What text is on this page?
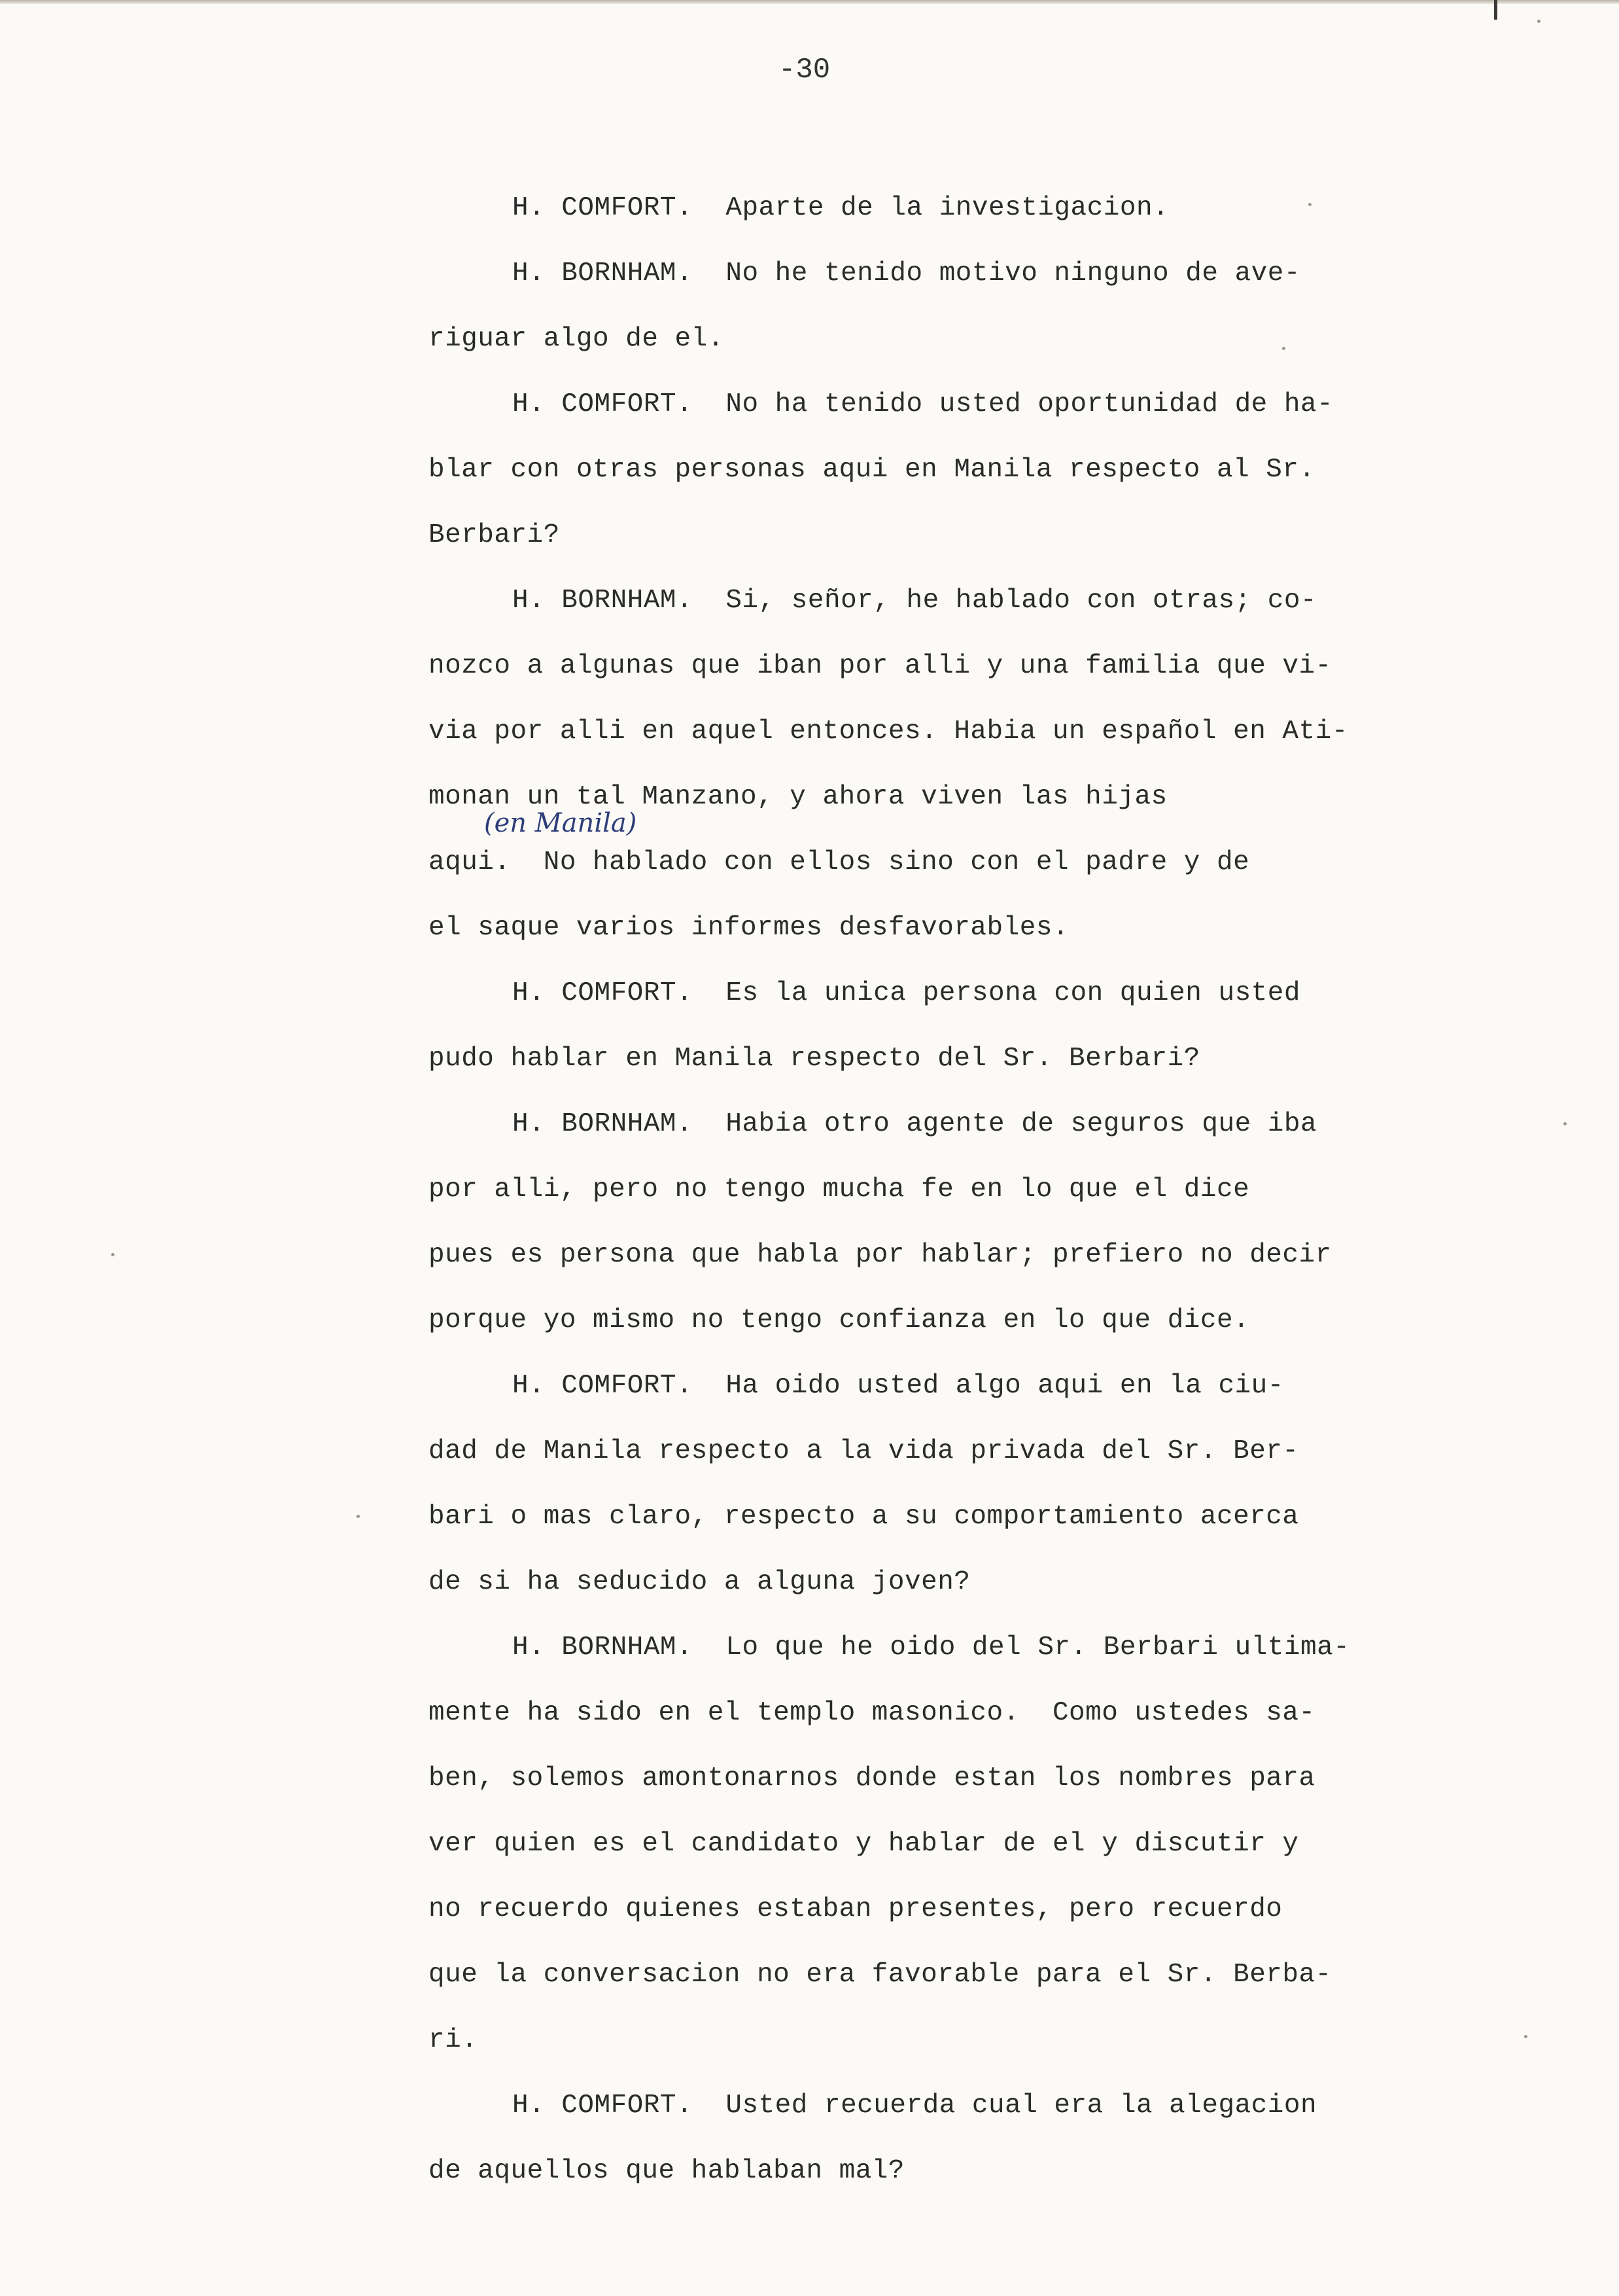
-30
(en Manila)
H. COMFORT.  Aparte de la investigacion.
H. BORNHAM.  No he tenido motivo ninguno de ave-
riguar algo de el.
H. COMFORT.  No ha tenido usted oportunidad de ha-
blar con otras personas aqui en Manila respecto al Sr.
Berbari?
H. BORNHAM.  Si, señor, he hablado con otras; co-
nozco a algunas que iban por alli y una familia que vi-
via por alli en aquel entonces. Habia un español en Ati-
monan un tal Manzano, y ahora viven las hijas
aqui.  No hablado con ellos sino con el padre y de
el saque varios informes desfavorables.
H. COMFORT.  Es la unica persona con quien usted
pudo hablar en Manila respecto del Sr. Berbari?
H. BORNHAM.  Habia otro agente de seguros que iba
por alli, pero no tengo mucha fe en lo que el dice
pues es persona que habla por hablar; prefiero no decir
porque yo mismo no tengo confianza en lo que dice.
H. COMFORT.  Ha oido usted algo aqui en la ciu-
dad de Manila respecto a la vida privada del Sr. Ber-
bari o mas claro, respecto a su comportamiento acerca
de si ha seducido a alguna joven?
H. BORNHAM.  Lo que he oido del Sr. Berbari ultima-
mente ha sido en el templo masonico.  Como ustedes sa-
ben, solemos amontonarnos donde estan los nombres para
ver quien es el candidato y hablar de el y discutir y
no recuerdo quienes estaban presentes, pero recuerdo
que la conversacion no era favorable para el Sr. Berba-
ri.
H. COMFORT.  Usted recuerda cual era la alegacion
de aquellos que hablaban mal?
